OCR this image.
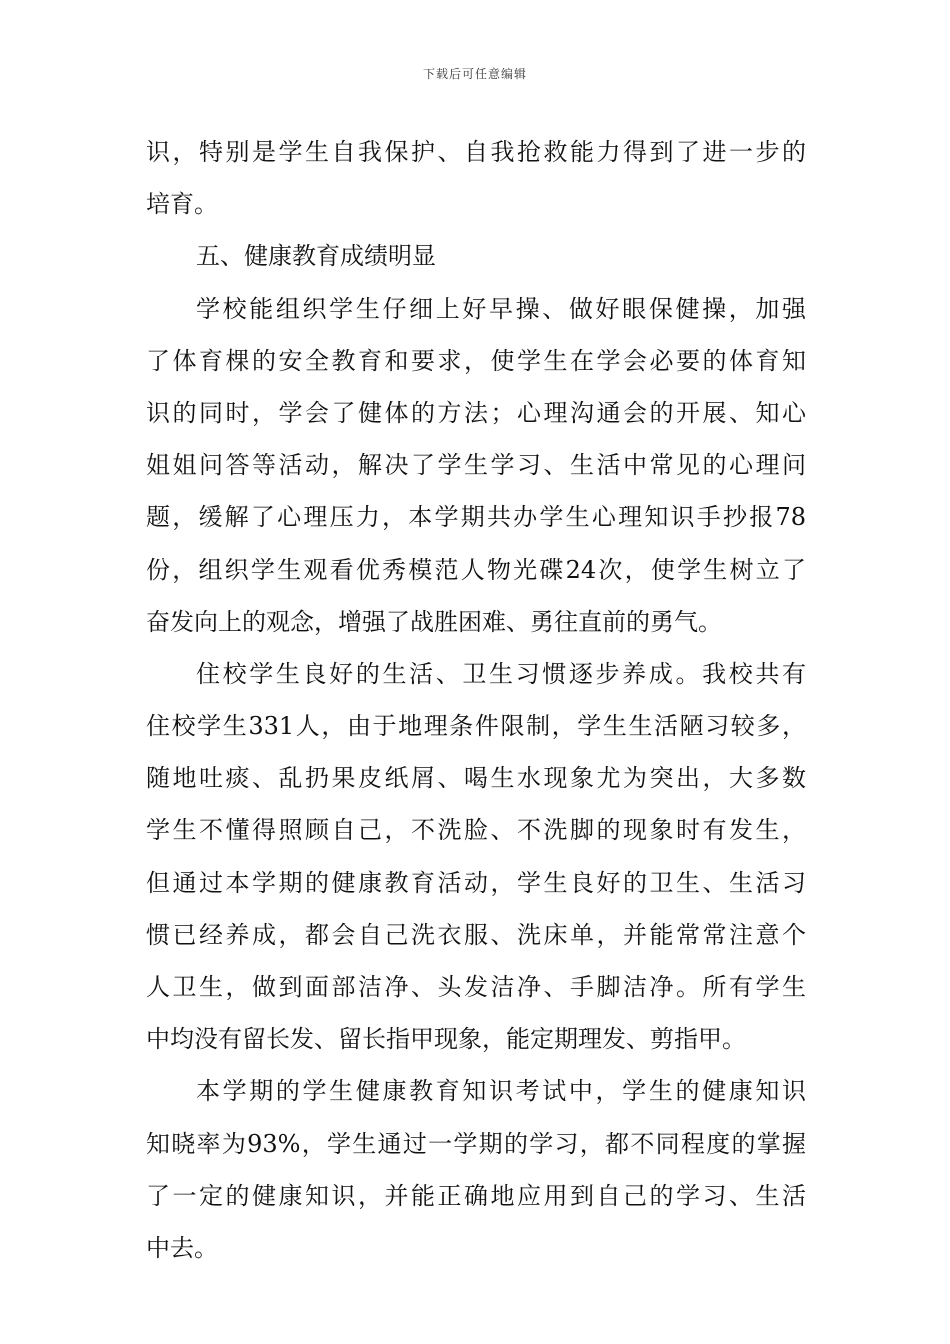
下载后可任意编辑
识，特别是学生自我保护、自我抢救能力得到了进一步的
培育。
五、健康教育成绩明显
学校能组织学生仔细上好早操、做好眼保健操，加强
了体育棵的安全教育和要求，使学生在学会必要的体育知
识的同时，学会了健体的方法；心理沟通会的开展、知心
姐姐问答等活动，解决了学生学习、生活中常见的心理问
题，缓解了心理压力，本学期共办学生心理知识手抄报78
份，组织学生观看优秀模范人物光碟24次，使学生树立了
奋发向上的观念，增强了战胜困难、勇往直前的勇气。
住校学生良好的生活、卫生习惯逐步养成。我校共有
住校学生331人，由于地理条件限制，学生生活陋习较多，
随地吐痰、乱扔果皮纸屑、喝生水现象尤为突出，大多数
学生不懂得照顾自己，不洗脸、不洗脚的现象时有发生，
但通过本学期的健康教育活动，学生良好的卫生、生活习
惯已经养成，都会自己洗衣服、洗床单，并能常常注意个
人卫生，做到面部洁净、头发洁净、手脚洁净。所有学生
中均没有留长发、留长指甲现象，能定期理发、剪指甲。
本学期的学生健康教育知识考试中，学生的健康知识
知晓率为93%，学生通过一学期的学习，都不同程度的掌握
了一定的健康知识，并能正确地应用到自己的学习、生活
中去。
